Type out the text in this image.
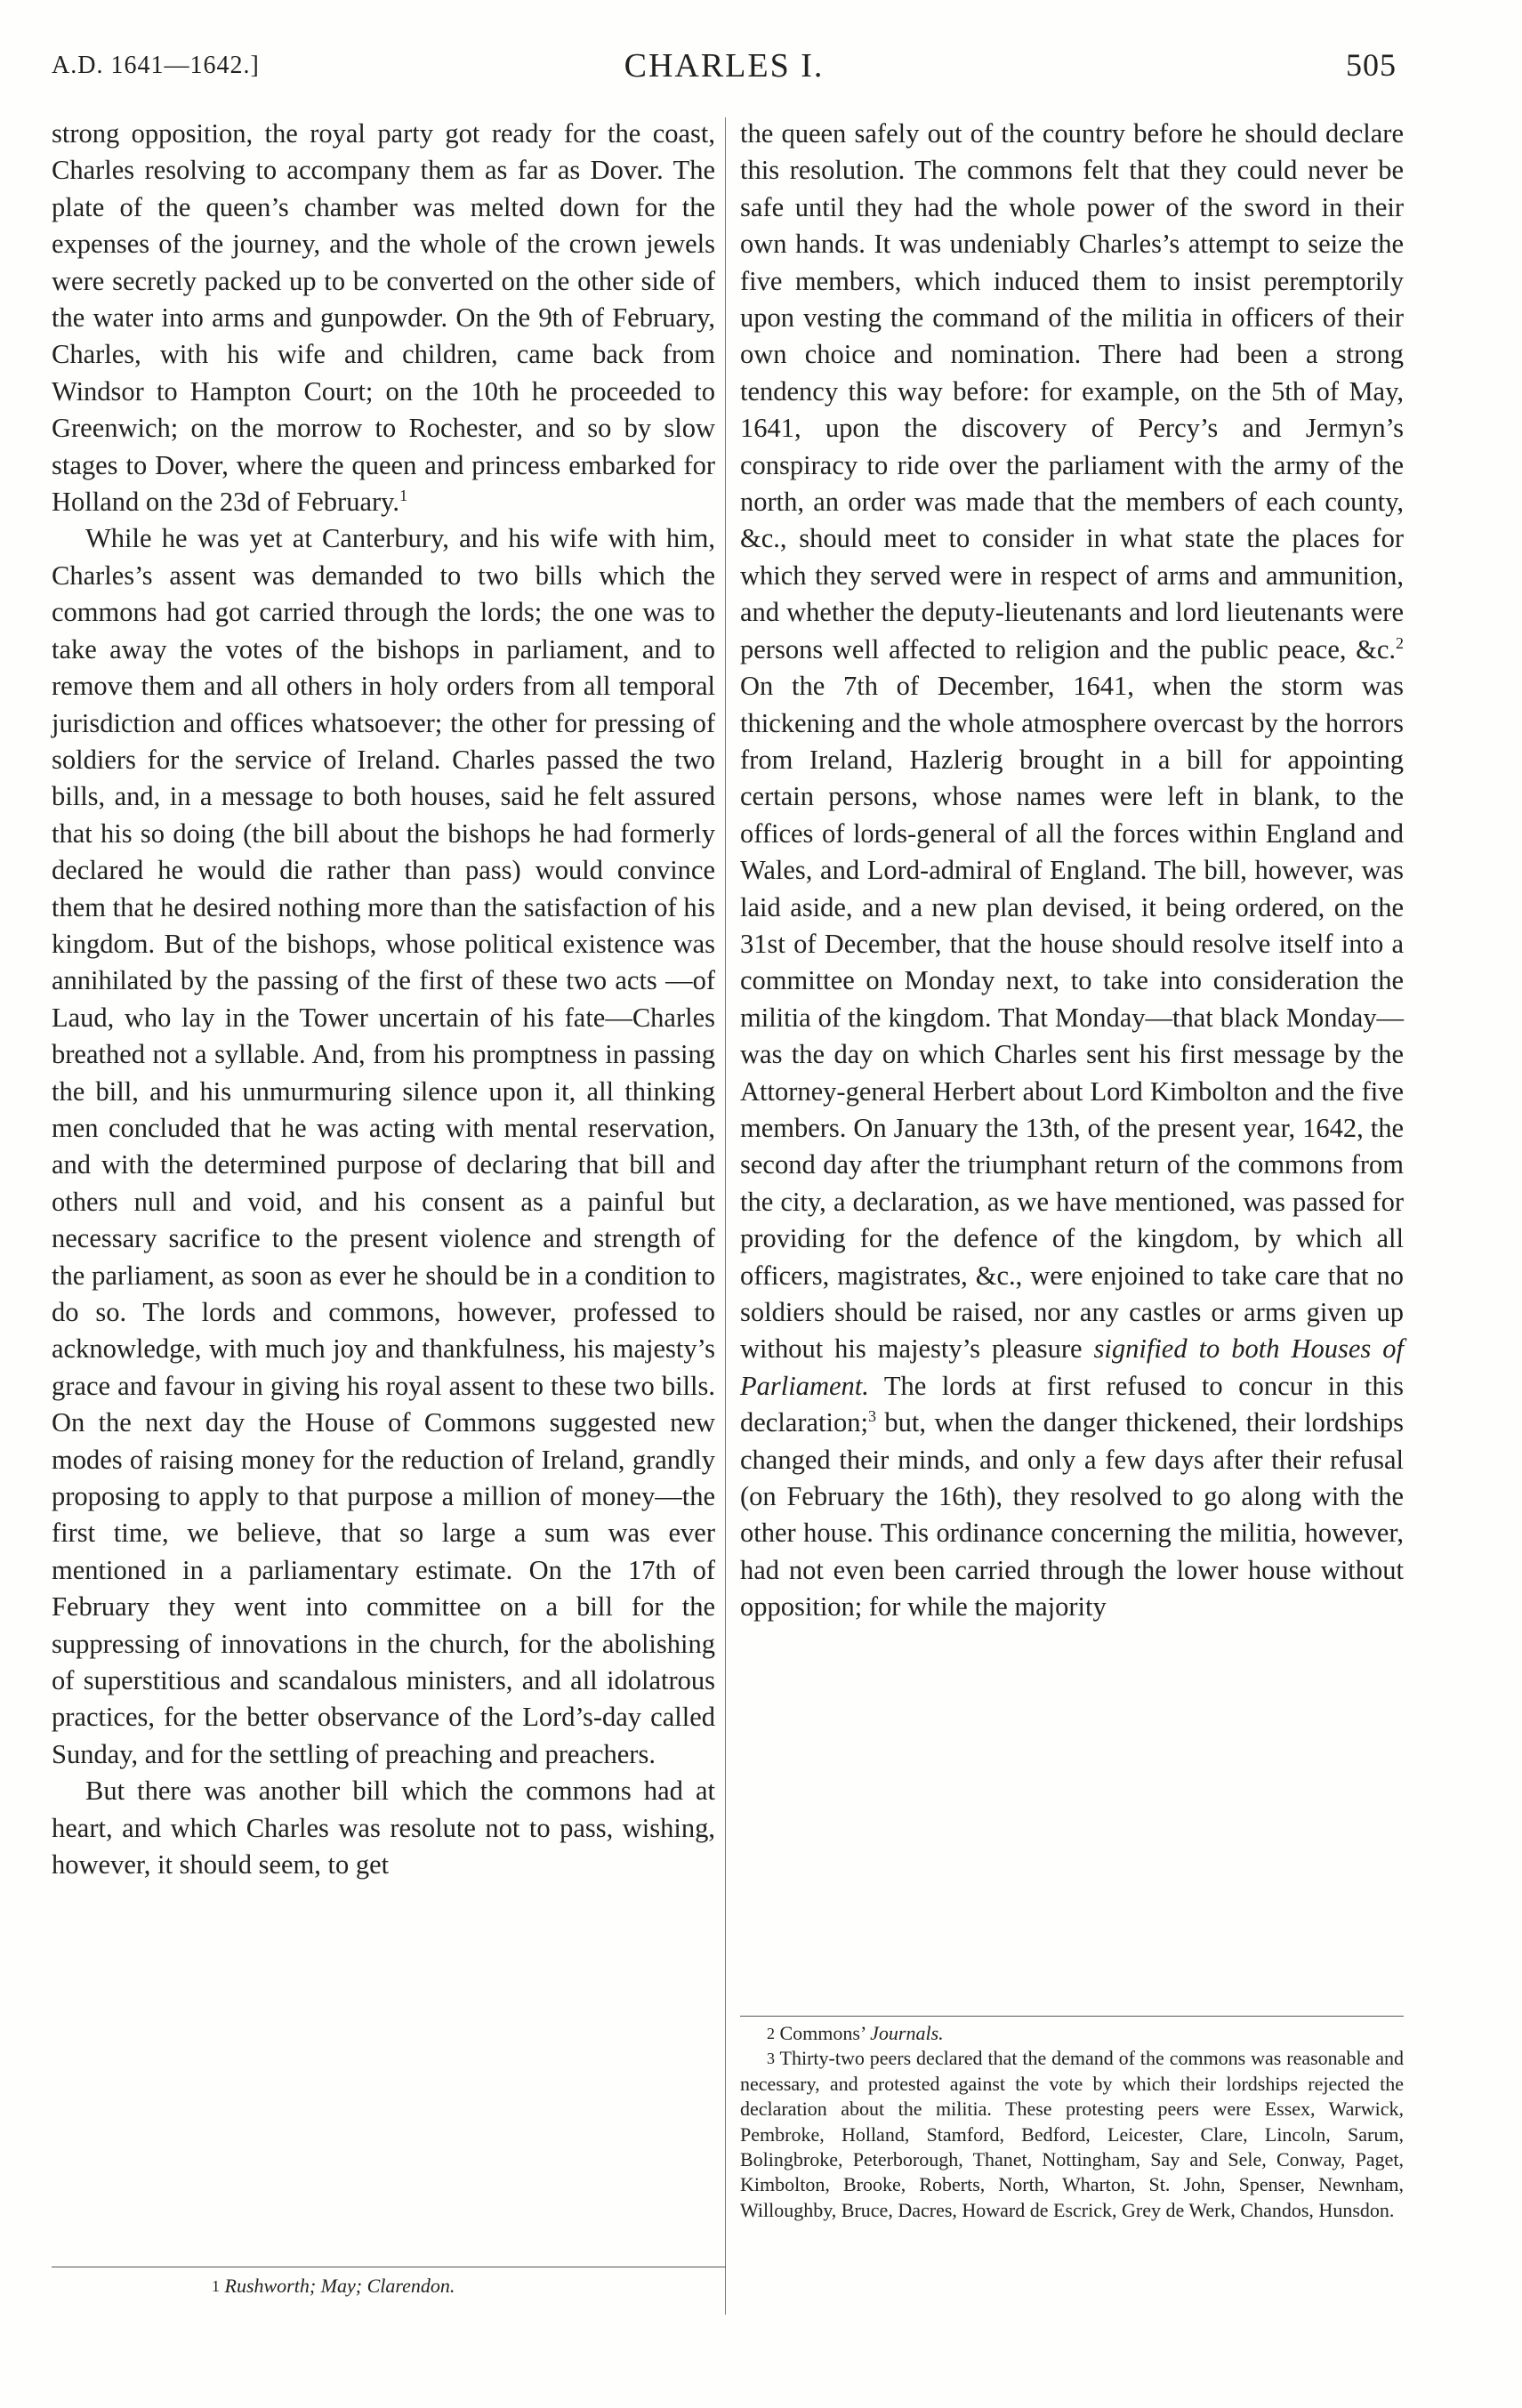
A.D. 1641—1642.]	CHARLES I.	505

strong opposition, the royal party got ready for the coast, Charles resolving to accompany them as far as Dover. The plate of the queen’s chamber was melted down for the expenses of the journey, and the whole of the crown jewels were secretly packed up to be converted on the other side of the water into arms and gunpowder. On the 9th of February, Charles, with his wife and children, came back from Windsor to Hampton Court; on the 10th he proceeded to Greenwich; on the morrow to Rochester, and so by slow stages to Dover, where the queen and princess embarked for Holland on the 23d of February.$^1$

While he was yet at Canterbury, and his wife with him, Charles’s assent was demanded to two bills which the commons had got carried through the lords; the one was to take away the votes of the bishops in parliament, and to remove them and all others in holy orders from all temporal jurisdiction and offices whatsoever; the other for pressing of soldiers for the service of Ireland. Charles passed the two bills, and, in a message to both houses, said he felt assured that his so doing (the bill about the bishops he had formerly declared he would die rather than pass) would convince them that he desired nothing more than the satisfaction of his kingdom. But of the bishops, whose political existence was annihilated by the passing of the first of these two acts —of Laud, who lay in the Tower uncertain of his fate—Charles breathed not a syllable. And, from his promptness in passing the bill, and his unmurmuring silence upon it, all thinking men concluded that he was acting with mental reservation, and with the determined purpose of declaring that bill and others null and void, and his consent as a painful but necessary sacrifice to the present violence and strength of the parliament, as soon as ever he should be in a condition to do so. The lords and commons, however, professed to acknowledge, with much joy and thankfulness, his majesty’s grace and favour in giving his royal assent to these two bills. On the next day the House of Commons suggested new modes of raising money for the reduction of Ireland, grandly proposing to apply to that purpose a million of money—the first time, we believe, that so large a sum was ever mentioned in a parliamentary estimate. On the 17th of February they went into committee on a bill for the suppressing of innovations in the church, for the abolishing of superstitious and scandalous ministers, and all idolatrous practices, for the better observance of the Lord’s-day called Sunday, and for the settling of preaching and preachers.

But there was another bill which the commons had at heart, and which Charles was resolute not to pass, wishing, however, it should seem, to get

the queen safely out of the country before he should declare this resolution. The commons felt that they could never be safe until they had the whole power of the sword in their own hands. It was undeniably Charles’s attempt to seize the five members, which induced them to insist peremptorily upon vesting the command of the militia in officers of their own choice and nomination. There had been a strong tendency this way before: for example, on the 5th of May, 1641, upon the discovery of Percy’s and Jermyn’s conspiracy to ride over the parliament with the army of the north, an order was made that the members of each county, &c., should meet to consider in what state the places for which they served were in respect of arms and ammunition, and whether the deputy-lieutenants and lord lieutenants were persons well affected to religion and the public peace, &c.$^2$ On the 7th of December, 1641, when the storm was thickening and the whole atmosphere overcast by the horrors from Ireland, Hazlerig brought in a bill for appointing certain persons, whose names were left in blank, to the offices of lords-general of all the forces within England and Wales, and Lord-admiral of England. The bill, however, was laid aside, and a new plan devised, it being ordered, on the 31st of December, that the house should resolve itself into a committee on Monday next, to take into consideration the militia of the kingdom. That Monday—that black Monday—was the day on which Charles sent his first message by the Attorney-general Herbert about Lord Kimbolton and the five members. On January the 13th, of the present year, 1642, the second day after the triumphant return of the commons from the city, a declaration, as we have mentioned, was passed for providing for the defence of the kingdom, by which all officers, magistrates, &c., were enjoined to take care that no soldiers should be raised, nor any castles or arms given up without his majesty’s pleasure signified to both Houses of Parliament. The lords at first refused to concur in this declaration;$^3$ but, when the danger thickened, their lordships changed their minds, and only a few days after their refusal (on February the 16th), they resolved to go along with the other house. This ordinance concerning the militia, however, had not even been carried through the lower house without opposition; for while the majority

$^1$ Rushworth; May; Clarendon.

$^2$ Commons’ Journals.

$^3$ Thirty-two peers declared that the demand of the commons was reasonable and necessary, and protested against the vote by which their lordships rejected the declaration about the militia. These protesting peers were Essex, Warwick, Pembroke, Holland, Stamford, Bedford, Leicester, Clare, Lincoln, Sarum, Bolingbroke, Peterborough, Thanet, Nottingham, Say and Sele, Conway, Paget, Kimbolton, Brooke, Roberts, North, Wharton, St. John, Spenser, Newnham, Willoughby, Bruce, Dacres, Howard de Escrick, Grey de Werk, Chandos, Hunsdon.
